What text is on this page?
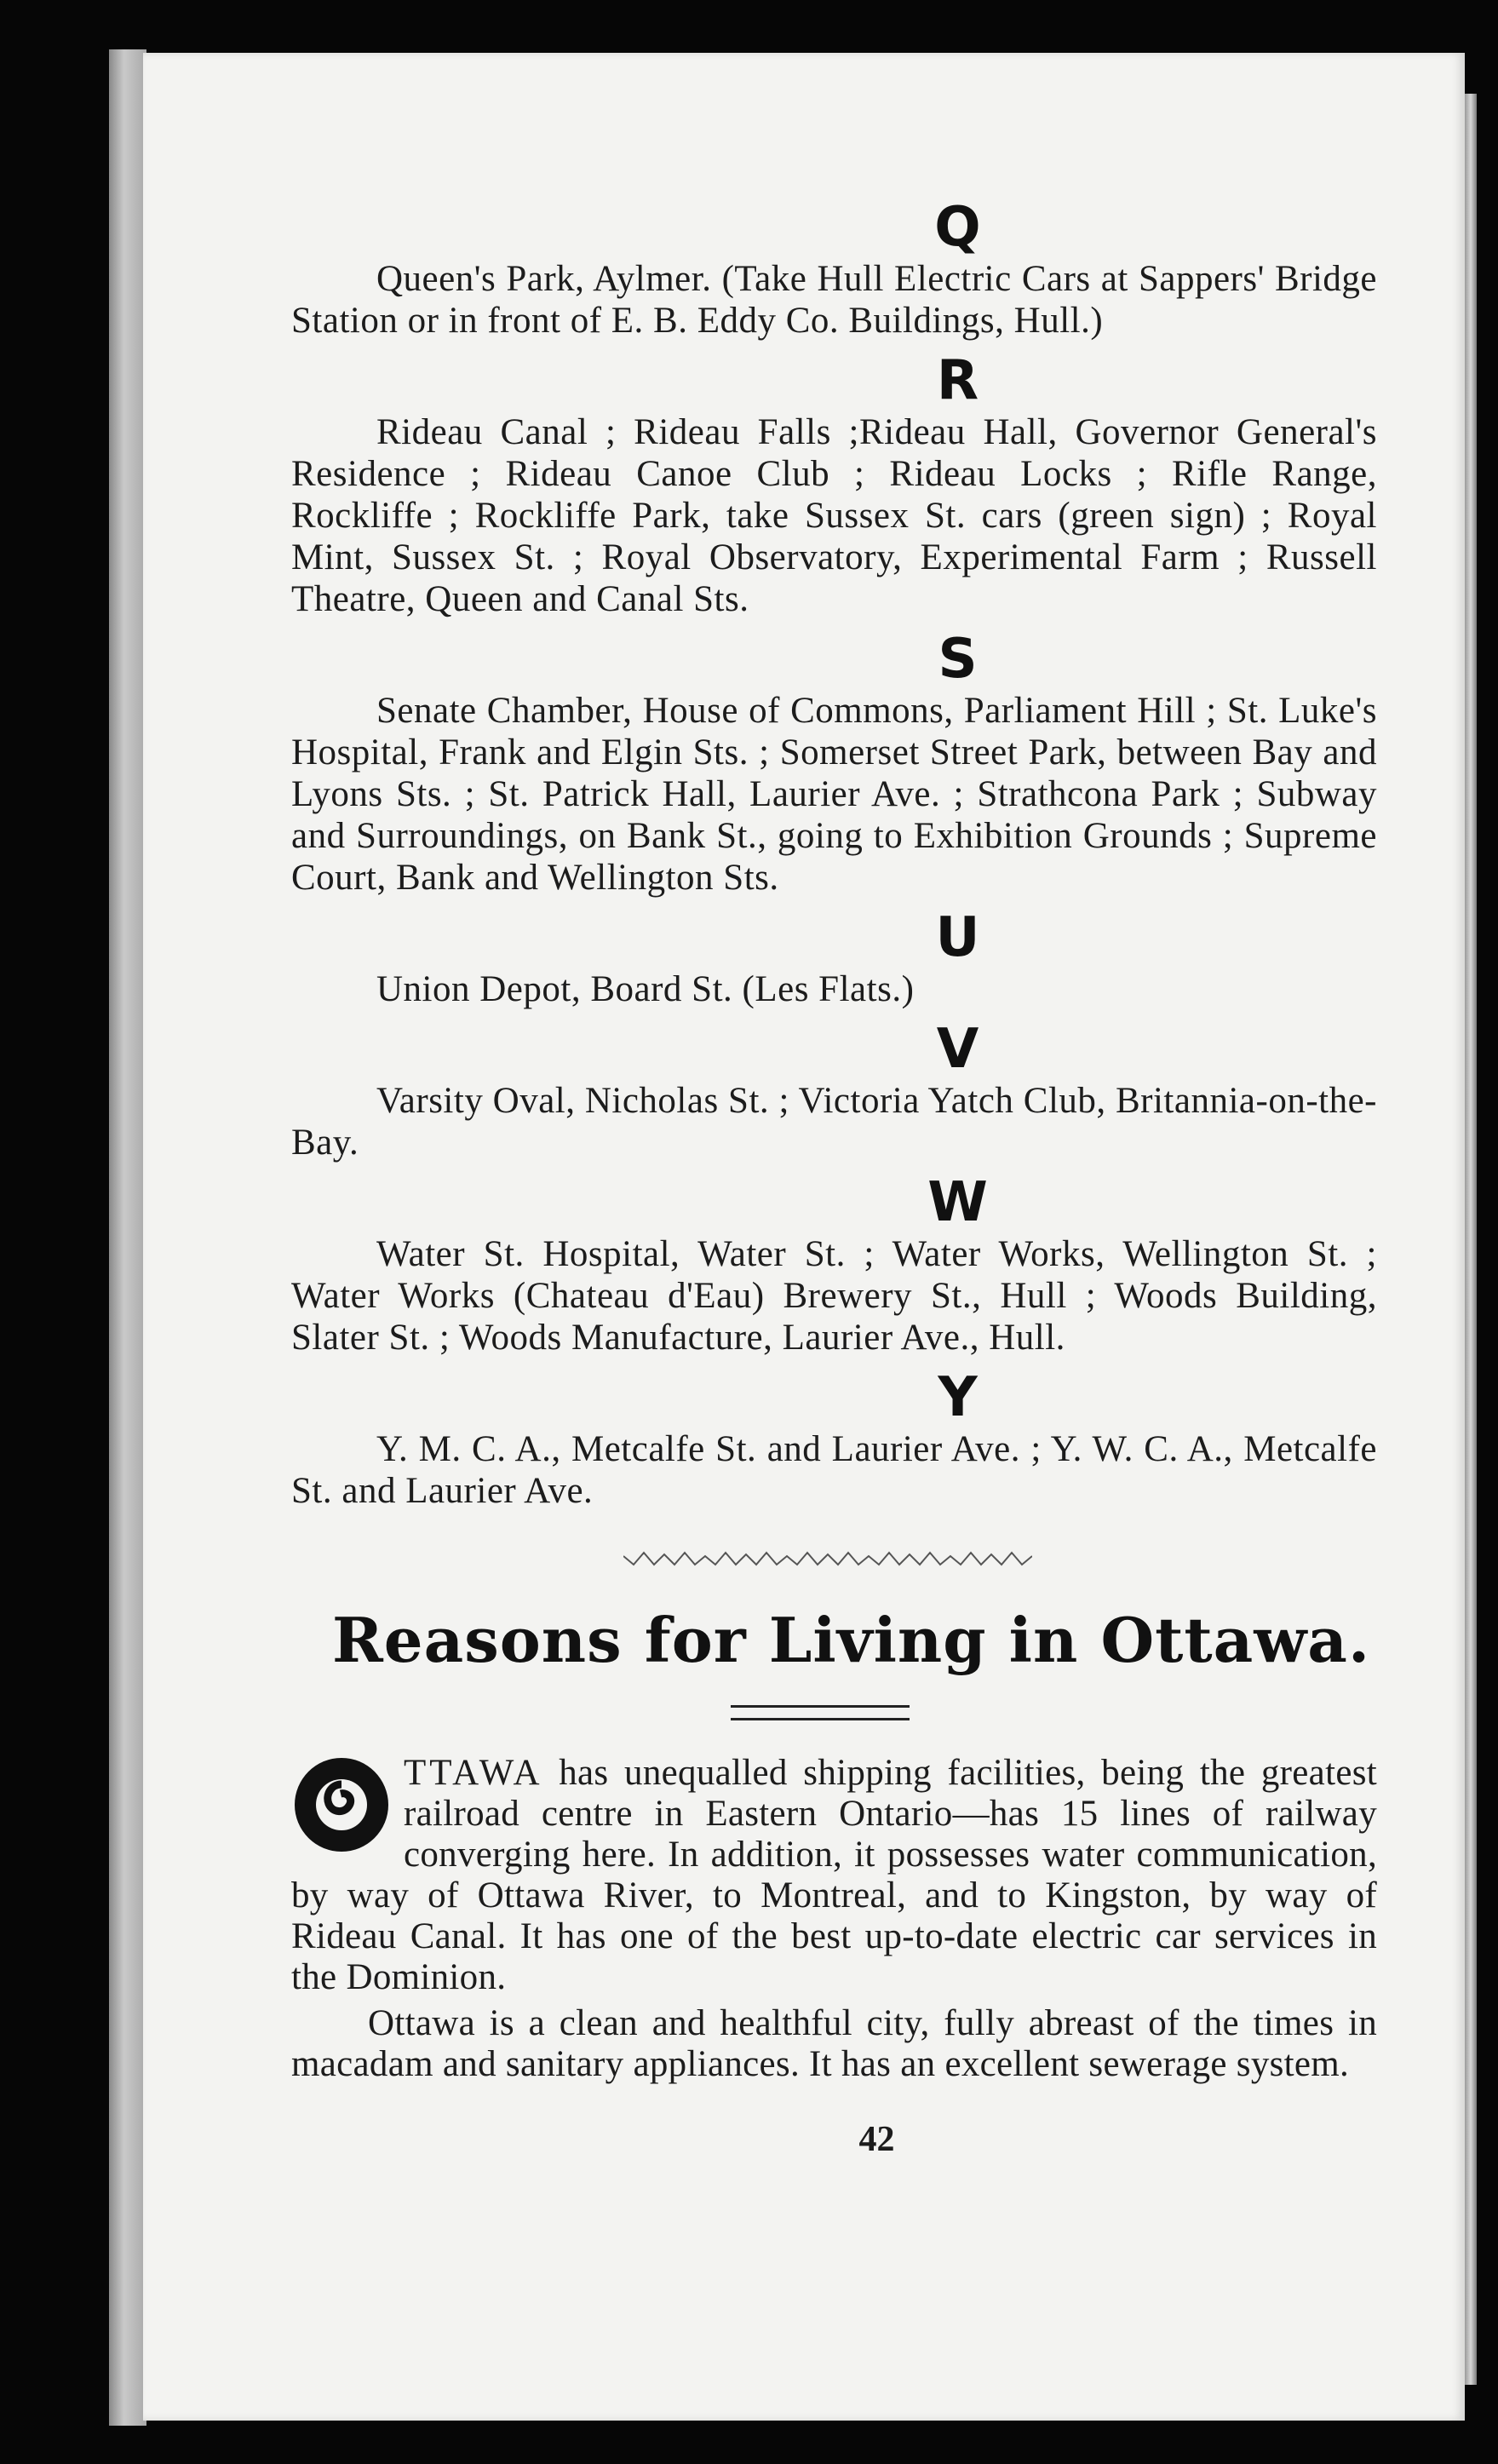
Q

Queen's Park, Aylmer. (Take Hull Electric Cars at Sappers' Bridge Station or in front of E. B. Eddy Co. Buildings, Hull.)

R

Rideau Canal ; Rideau Falls ;Rideau Hall, Governor General's Residence ; Rideau Canoe Club ; Rideau Locks ; Rifle Range, Rockliffe ; Rockliffe Park, take Sussex St. cars (green sign) ; Royal Mint, Sussex St. ; Royal Observatory, Experimental Farm ; Russell Theatre, Queen and Canal Sts.

S

Senate Chamber, House of Commons, Parliament Hill ; St. Luke's Hospital, Frank and Elgin Sts. ; Somerset Street Park, between Bay and Lyons Sts. ; St. Patrick Hall, Laurier Ave. ; Strathcona Park ; Subway and Surroundings, on Bank St., going to Exhibition Grounds ; Supreme Court, Bank and Wellington Sts.

U

Union Depot, Board St. (Les Flats.)

V

Varsity Oval, Nicholas St. ; Victoria Yatch Club, Britannia-on-the-Bay.

W

Water St. Hospital, Water St. ; Water Works, Wellington St. ; Water Works (Chateau d'Eau) Brewery St., Hull ; Woods Building, Slater St. ; Woods Manufacture, Laurier Ave., Hull.

Y

Y. M. C. A., Metcalfe St. and Laurier Ave. ; Y. W. C. A., Metcalfe St. and Laurier Ave.

Reasons for Living in Ottawa.

TTAWA has unequalled shipping facilities, being the greatest railroad centre in Eastern Ontario—has 15 lines of railway converging here. In addition, it possesses water communication, by way of Ottawa River, to Montreal, and to Kingston, by way of Rideau Canal. It has one of the best up-to-date electric car services in the Dominion.

Ottawa is a clean and healthful city, fully abreast of the times in macadam and sanitary appliances. It has an excellent sewerage system.

42
